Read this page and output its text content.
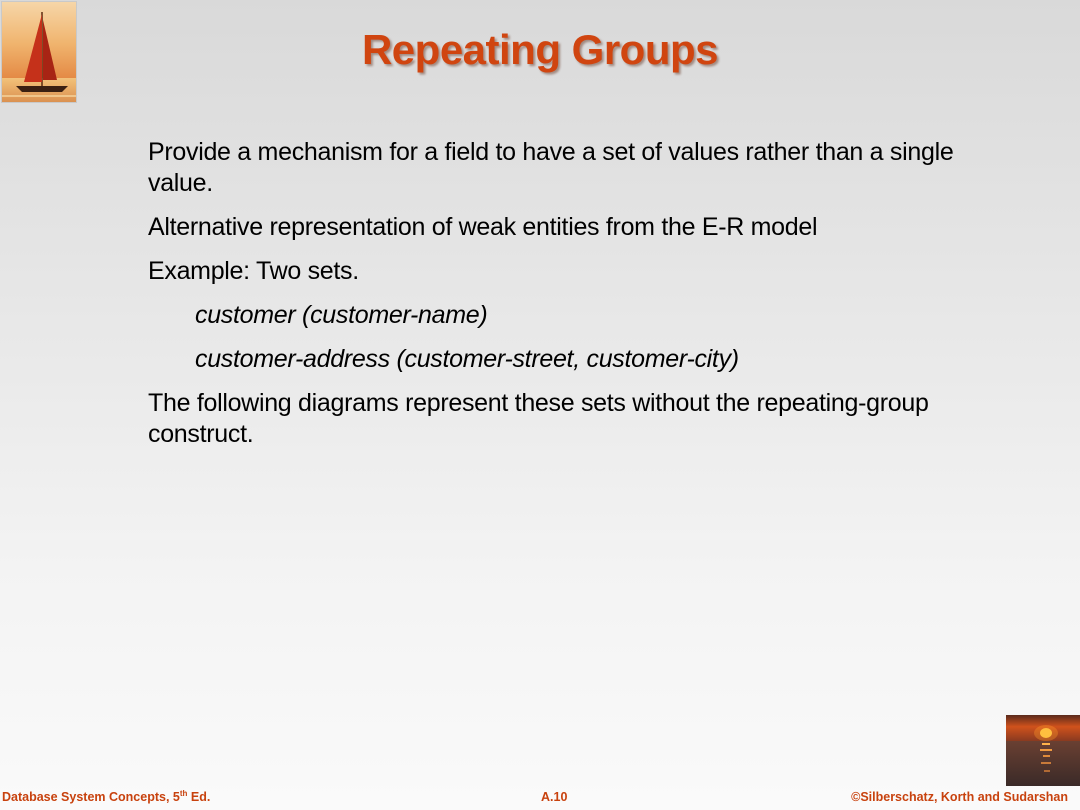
Repeating Groups

Provide a mechanism for a field to have a set of values rather than a single value.

Alternative representation of weak entities from the E-R model

Example: Two sets.

customer (customer-name)

customer-address (customer-street, customer-city)

The following diagrams represent these sets without the repeating-group construct.

Database System Concepts, 5th Ed.	A.10	©Silberschatz, Korth and Sudarshan
